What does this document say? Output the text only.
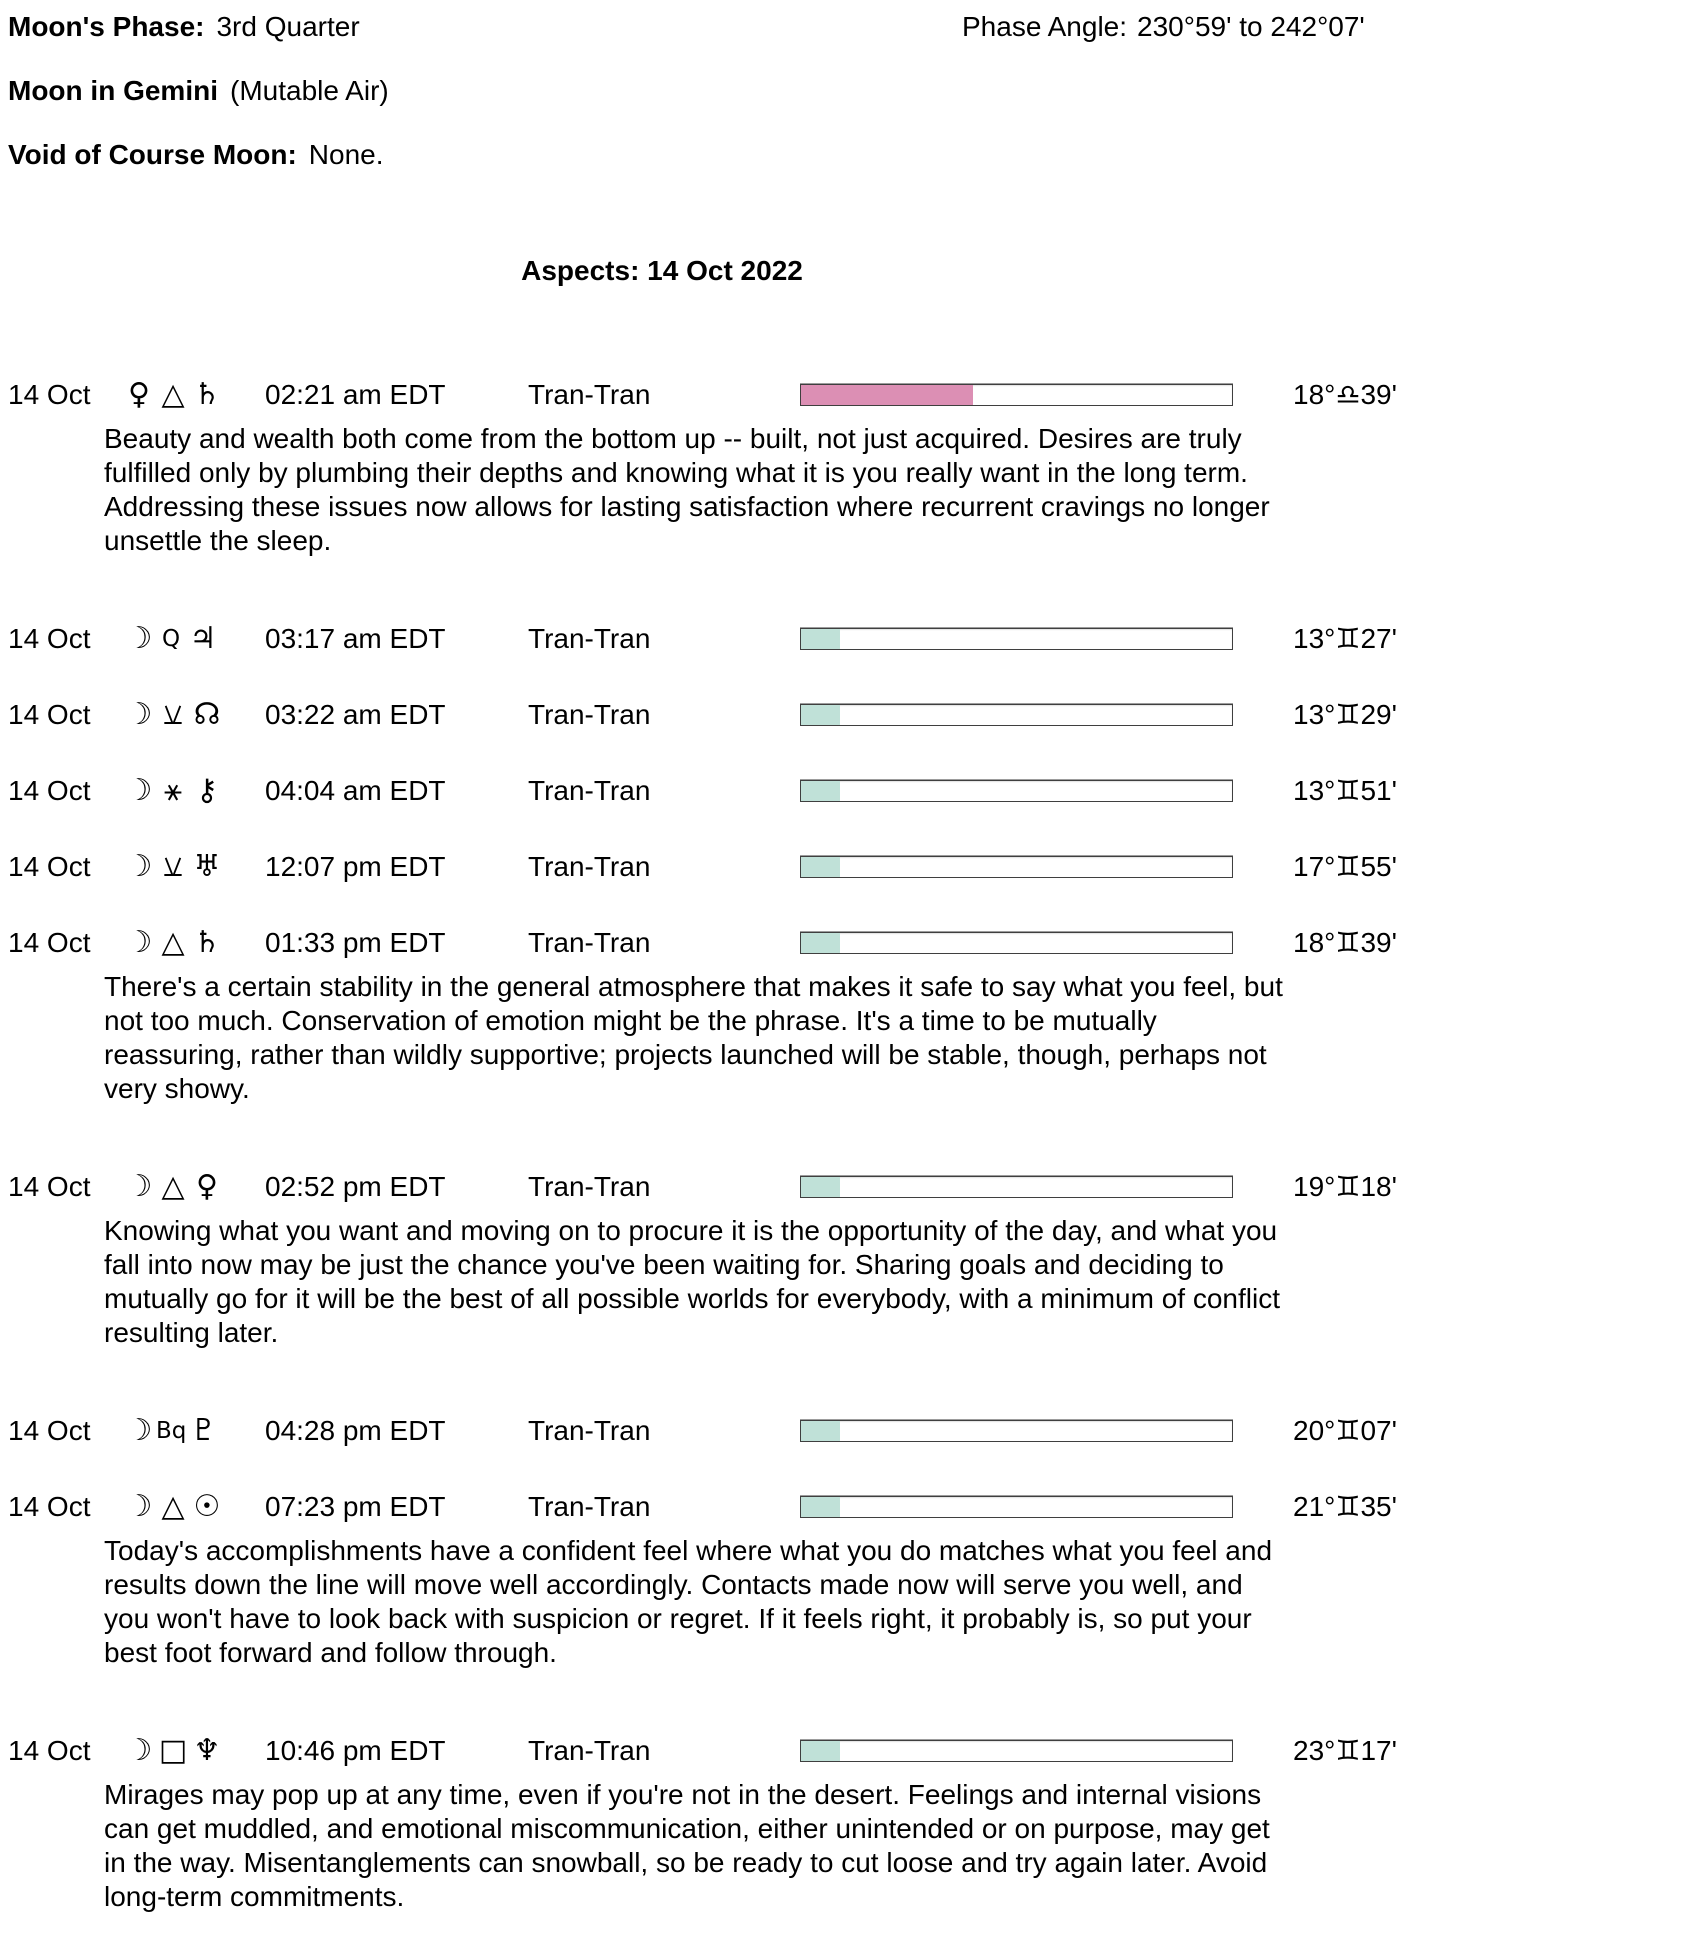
Moon's Phase: 3rd Quarter	Phase Angle: 230°59' to 242°07'
Moon in Gemini (Mutable Air)
Void of Course Moon: None.
Aspects: 14 Oct 2022
14 Oct	♀ △ ♄ 02:21 am EDT	Tran-Tran	18°♎39'

Beauty and wealth both come from the bottom up -- built, not just acquired. Desires are truly fulfilled only by plumbing their depths and knowing what it is you really want in the long term. Addressing these issues now allows for lasting satisfaction where recurrent cravings no longer unsettle the sleep.

14 Oct	☽ Q ♃ 03:17 am EDT	Tran-Tran	13°♊27'
14 Oct	☽ ⚺ ☊ 03:22 am EDT	Tran-Tran	13°♊29'
14 Oct	☽ ⚹ ⚷ 04:04 am EDT	Tran-Tran	13°♊51'
14 Oct	☽ ⚺ ♅ 12:07 pm EDT	Tran-Tran	17°♊55'
14 Oct	☽ △ ♄ 01:33 pm EDT	Tran-Tran	18°♊39'

There's a certain stability in the general atmosphere that makes it safe to say what you feel, but not too much. Conservation of emotion might be the phrase. It's a time to be mutually reassuring, rather than wildly supportive; projects launched will be stable, though, perhaps not very showy.

14 Oct	☽ △ ♀ 02:52 pm EDT	Tran-Tran	19°♊18'

Knowing what you want and moving on to procure it is the opportunity of the day, and what you fall into now may be just the chance you've been waiting for. Sharing goals and deciding to mutually go for it will be the best of all possible worlds for everybody, with a minimum of conflict resulting later.

14 Oct	☽ Bq ♇ 04:28 pm EDT	Tran-Tran	20°♊07'
14 Oct	☽ △ ☉ 07:23 pm EDT	Tran-Tran	21°♊35'

Today's accomplishments have a confident feel where what you do matches what you feel and results down the line will move well accordingly. Contacts made now will serve you well, and you won't have to look back with suspicion or regret. If it feels right, it probably is, so put your best foot forward and follow through.

14 Oct	☽ □ ♆ 10:46 pm EDT	Tran-Tran	23°♊17'

Mirages may pop up at any time, even if you're not in the desert. Feelings and internal visions can get muddled, and emotional miscommunication, either unintended or on purpose, may get in the way. Misentanglements can snowball, so be ready to cut loose and try again later. Avoid long-term commitments.
